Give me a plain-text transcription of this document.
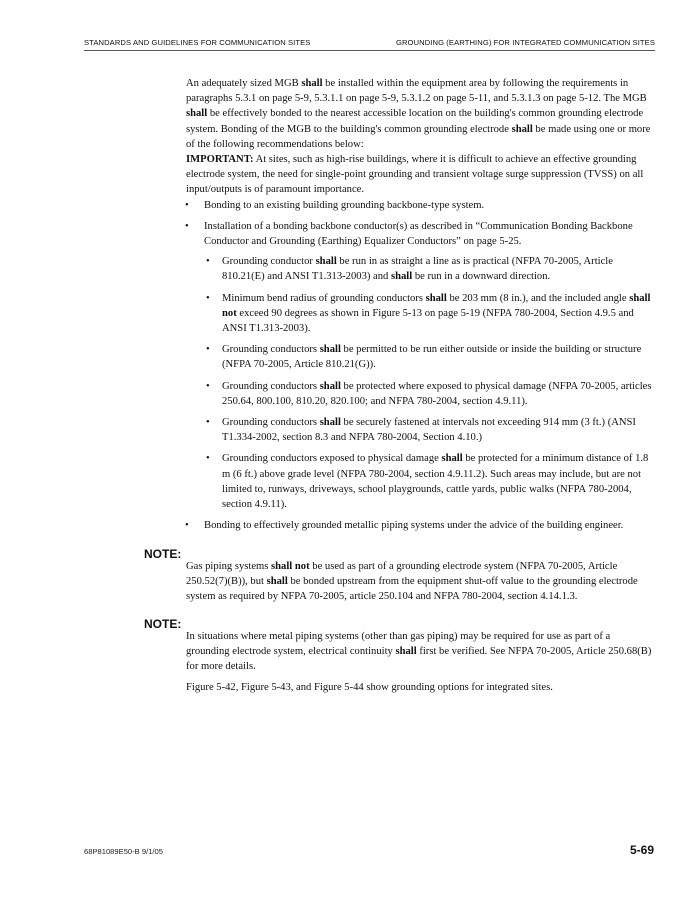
STANDARDS AND GUIDELINES FOR COMMUNICATION SITES	GROUNDING (EARTHING) FOR INTEGRATED COMMUNICATION SITES

An adequately sized MGB shall be installed within the equipment area by following the requirements in paragraphs 5.3.1 on page 5-9, 5.3.1.1 on page 5-9, 5.3.1.2 on page 5-11, and 5.3.1.3 on page 5-12. The MGB shall be effectively bonded to the nearest accessible location on the building's common grounding electrode system. Bonding of the MGB to the building's common grounding electrode shall be made using one or more of the following recommendations below:

IMPORTANT: At sites, such as high-rise buildings, where it is difficult to achieve an effective grounding electrode system, the need for single-point grounding and transient voltage surge suppression (TVSS) on all input/outputs is of paramount importance.

• Bonding to an existing building grounding backbone-type system.
• Installation of a bonding backbone conductor(s) as described in “Communication Bonding Backbone Conductor and Grounding (Earthing) Equalizer Conductors” on page 5-25.
• Grounding conductor shall be run in as straight a line as is practical (NFPA 70-2005, Article 810.21(E) and ANSI T1.313-2003) and shall be run in a downward direction.
• Minimum bend radius of grounding conductors shall be 203 mm (8 in.), and the included angle shall not exceed 90 degrees as shown in Figure 5-13 on page 5-19 (NFPA 780-2004, Section 4.9.5 and ANSI T1.313-2003).
• Grounding conductors shall be permitted to be run either outside or inside the building or structure (NFPA 70-2005, Article 810.21(G)).
• Grounding conductors shall be protected where exposed to physical damage (NFPA 70-2005, articles 250.64, 800.100, 810.20, 820.100; and NFPA 780-2004, section 4.9.11).
• Grounding conductors shall be securely fastened at intervals not exceeding 914 mm (3 ft.) (ANSI T1.334-2002, section 8.3 and NFPA 780-2004, Section 4.10.)
• Grounding conductors exposed to physical damage shall be protected for a minimum distance of 1.8 m (6 ft.) above grade level (NFPA 780-2004, section 4.9.11.2). Such areas may include, but are not limited to, runways, driveways, school playgrounds, cattle yards, public walks (NFPA 780-2004, section 4.9.11).
• Bonding to effectively grounded metallic piping systems under the advice of the building engineer.
NOTE:

Gas piping systems shall not be used as part of a grounding electrode system (NFPA 70-2005, Article 250.52(7)(B)), but shall be bonded upstream from the equipment shut-off value to the grounding electrode system as required by NFPA 70-2005, article 250.104 and NFPA 780-2004, section 4.14.1.3.

NOTE:

In situations where metal piping systems (other than gas piping) may be required for use as part of a grounding electrode system, electrical continuity shall first be verified. See NFPA 70-2005, Article 250.68(B) for more details.

Figure 5-42, Figure 5-43, and Figure 5-44 show grounding options for integrated sites.
68P81089E50-B 9/1/05	5-69
